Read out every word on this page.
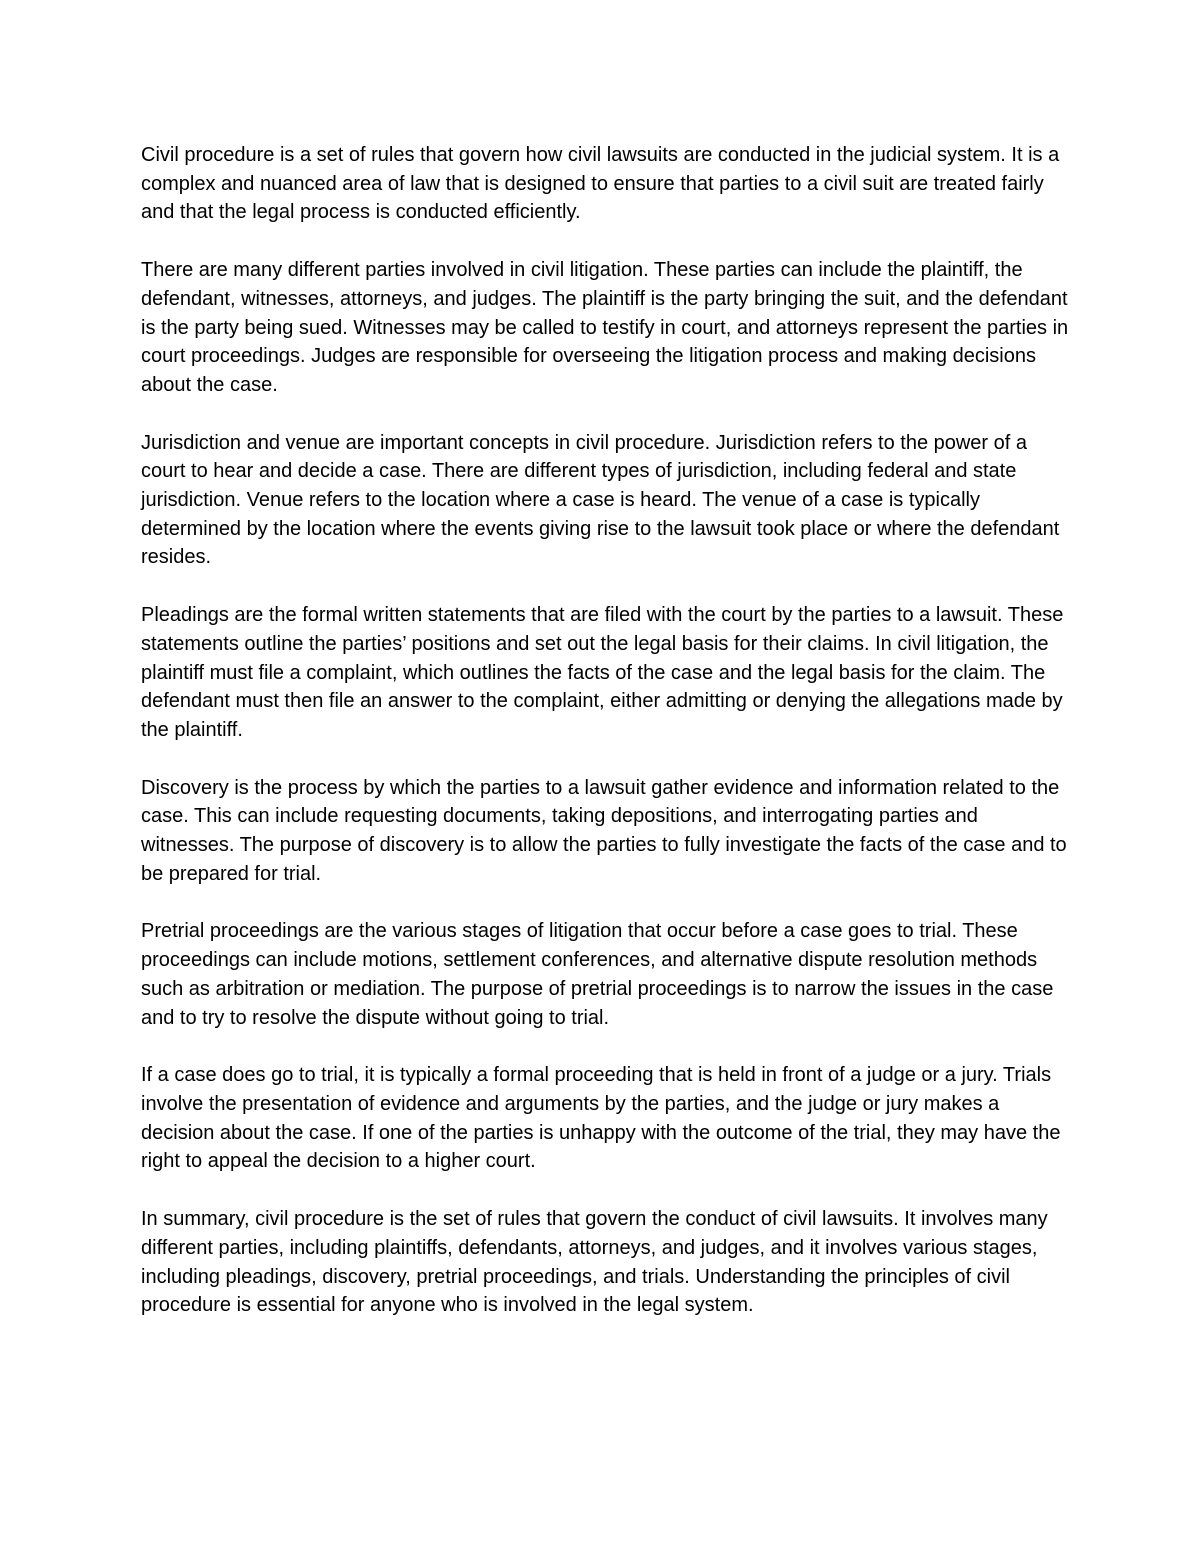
Civil procedure is a set of rules that govern how civil lawsuits are conducted in the judicial system. It is a complex and nuanced area of law that is designed to ensure that parties to a civil suit are treated fairly and that the legal process is conducted efficiently.

There are many different parties involved in civil litigation. These parties can include the plaintiff, the defendant, witnesses, attorneys, and judges. The plaintiff is the party bringing the suit, and the defendant is the party being sued. Witnesses may be called to testify in court, and attorneys represent the parties in court proceedings. Judges are responsible for overseeing the litigation process and making decisions about the case.

Jurisdiction and venue are important concepts in civil procedure. Jurisdiction refers to the power of a court to hear and decide a case. There are different types of jurisdiction, including federal and state jurisdiction. Venue refers to the location where a case is heard. The venue of a case is typically determined by the location where the events giving rise to the lawsuit took place or where the defendant resides.

Pleadings are the formal written statements that are filed with the court by the parties to a lawsuit. These statements outline the parties’ positions and set out the legal basis for their claims. In civil litigation, the plaintiff must file a complaint, which outlines the facts of the case and the legal basis for the claim. The defendant must then file an answer to the complaint, either admitting or denying the allegations made by the plaintiff.

Discovery is the process by which the parties to a lawsuit gather evidence and information related to the case. This can include requesting documents, taking depositions, and interrogating parties and witnesses. The purpose of discovery is to allow the parties to fully investigate the facts of the case and to be prepared for trial.

Pretrial proceedings are the various stages of litigation that occur before a case goes to trial. These proceedings can include motions, settlement conferences, and alternative dispute resolution methods such as arbitration or mediation. The purpose of pretrial proceedings is to narrow the issues in the case and to try to resolve the dispute without going to trial.

If a case does go to trial, it is typically a formal proceeding that is held in front of a judge or a jury. Trials involve the presentation of evidence and arguments by the parties, and the judge or jury makes a decision about the case. If one of the parties is unhappy with the outcome of the trial, they may have the right to appeal the decision to a higher court.

In summary, civil procedure is the set of rules that govern the conduct of civil lawsuits. It involves many different parties, including plaintiffs, defendants, attorneys, and judges, and it involves various stages, including pleadings, discovery, pretrial proceedings, and trials. Understanding the principles of civil procedure is essential for anyone who is involved in the legal system.
